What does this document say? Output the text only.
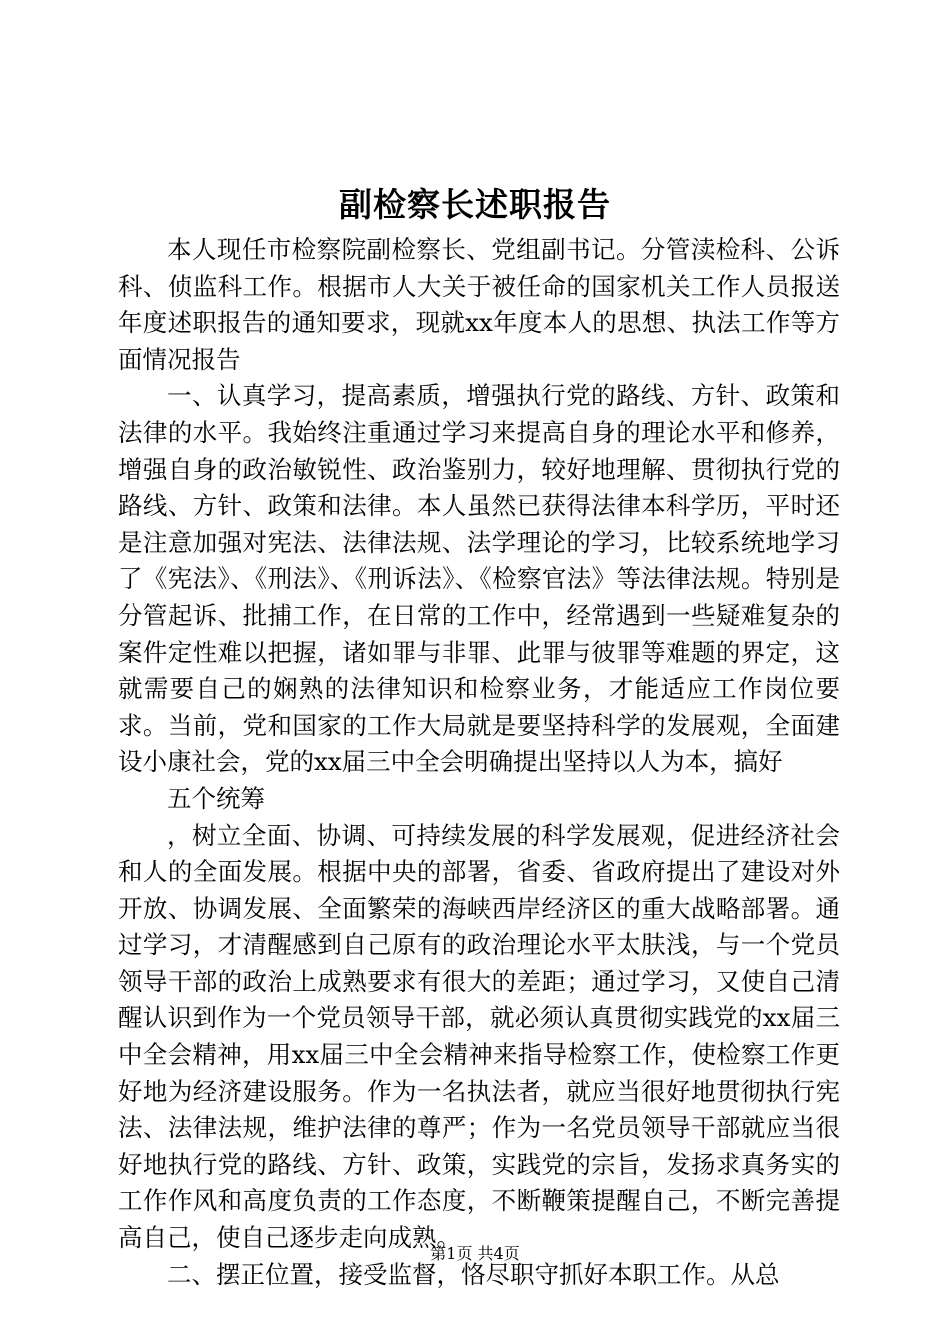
副检察长述职报告

本人现任市检察院副检察长、党组副书记。分管渎检科、公诉科、侦监科工作。根据市人大关于被任命的国家机关工作人员报送年度述职报告的通知要求，现就xx年度本人的思想、执法工作等方面情况报告

一、认真学习，提高素质，增强执行党的路线、方针、政策和法律的水平。我始终注重通过学习来提高自身的理论水平和修养，增强自身的政治敏锐性、政治鉴别力，较好地理解、贯彻执行党的路线、方针、政策和法律。本人虽然已获得法律本科学历，平时还是注意加强对宪法、法律法规、法学理论的学习，比较系统地学习了《宪法》、《刑法》、《刑诉法》、《检察官法》等法律法规。特别是分管起诉、批捕工作，在日常的工作中，经常遇到一些疑难复杂的案件定性难以把握，诸如罪与非罪、此罪与彼罪等难题的界定，这就需要自己的娴熟的法律知识和检察业务，才能适应工作岗位要求。当前，党和国家的工作大局就是要坚持科学的发展观，全面建设小康社会，党的xx届三中全会明确提出坚持以人为本，搞好

五个统筹

，树立全面、协调、可持续发展的科学发展观，促进经济社会和人的全面发展。根据中央的部署，省委、省政府提出了建设对外开放、协调发展、全面繁荣的海峡西岸经济区的重大战略部署。通过学习，才清醒感到自己原有的政治理论水平太肤浅，与一个党员领导干部的政治上成熟要求有很大的差距；通过学习，又使自己清醒认识到作为一个党员领导干部，就必须认真贯彻实践党的xx届三中全会精神，用xx届三中全会精神来指导检察工作，使检察工作更好地为经济建设服务。作为一名执法者，就应当很好地贯彻执行宪法、法律法规，维护法律的尊严；作为一名党员领导干部就应当很好地执行党的路线、方针、政策，实践党的宗旨，发扬求真务实的工作作风和高度负责的工作态度，不断鞭策提醒自己，不断完善提高自己，使自己逐步走向成熟。

二、摆正位置，接受监督，恪尽职守抓好本职工作。从总

第1页 共4页
